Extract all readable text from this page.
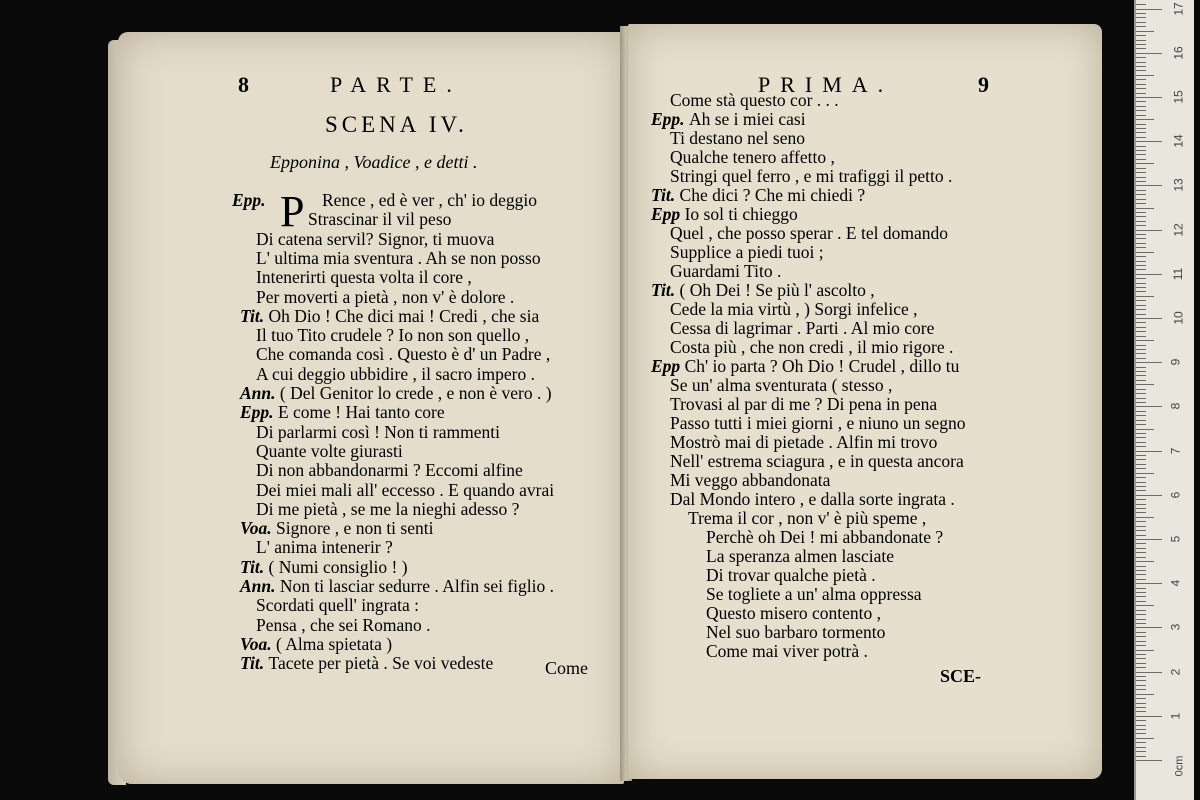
8	PARTE.
SCENA IV.
Epponina , Voadice , e detti .
P
Epp.	Rence , ed è ver , ch' io deggio
Strascinar il vil peso
Di catena servil? Signor, ti muova
L' ultima mia sventura . Ah se non posso
Intenerirti questa volta il core ,
Per moverti a pietà , non v' è dolore .
Tit. Oh Dio ! Che dici mai ! Credi , che sia
Il tuo Tito crudele ? Io non son quello ,
Che comanda così . Questo è d' un Padre ,
A cui deggio ubbidire , il sacro impero .
Ann. ( Del Genitor lo crede , e non è vero . )
Epp. E come ! Hai tanto core
Di parlarmi così ! Non ti rammenti
Quante volte giurasti
Di non abbandonarmi ? Eccomi alfine
Dei miei mali all' eccesso . E quando avrai
Di me pietà , se me la nieghi adesso ?
Voa. Signore , e non ti senti
L' anima intenerir ?
Tit. ( Numi consiglio ! )
Ann. Non ti lasciar sedurre . Alfin sei figlio .
Scordati quell' ingrata :
Pensa , che sei Romano .
Voa. ( Alma spietata )
Tit. Tacete per pietà . Se voi vedeste	Come
PRIMA.	9
Come stà questo cor . . .
Epp. Ah se i miei casi
Ti destano nel seno
Qualche tenero affetto ,
Stringi quel ferro , e mi trafiggi il petto .
Tit. Che dici ? Che mi chiedi ?
Epp Io sol ti chieggo
Quel , che posso sperar . E tel domando
Supplice a piedi tuoi ;
Guardami Tito .
Tit. ( Oh Dei ! Se più l' ascolto ,
Cede la mia virtù , ) Sorgi infelice ,
Cessa di lagrimar . Parti . Al mio core
Costa più , che non credi , il mio rigore .
Epp Ch' io parta ? Oh Dio ! Crudel , dillo tu
Se un' alma sventurata ( stesso ,
Trovasi al par di me ? Di pena in pena
Passo tutti i miei giorni , e niuno un segno
Mostrò mai di pietade . Alfin mi trovo
Nell' estrema sciagura , e in questa ancora
Mi veggo abbandonata
Dal Mondo intero , e dalla sorte ingrata .
Trema il cor , non v' è più speme ,
Perchè oh Dei ! mi abbandonate ?
La speranza almen lasciate
Di trovar qualche pietà .
Se togliete a un' alma oppressa
Questo misero contento ,
Nel suo barbaro tormento
Come mai viver potrà .
SCE-
17
16
15
14
13
12
11
10
9
8
7
6
5
4
3
2
1
0cm
